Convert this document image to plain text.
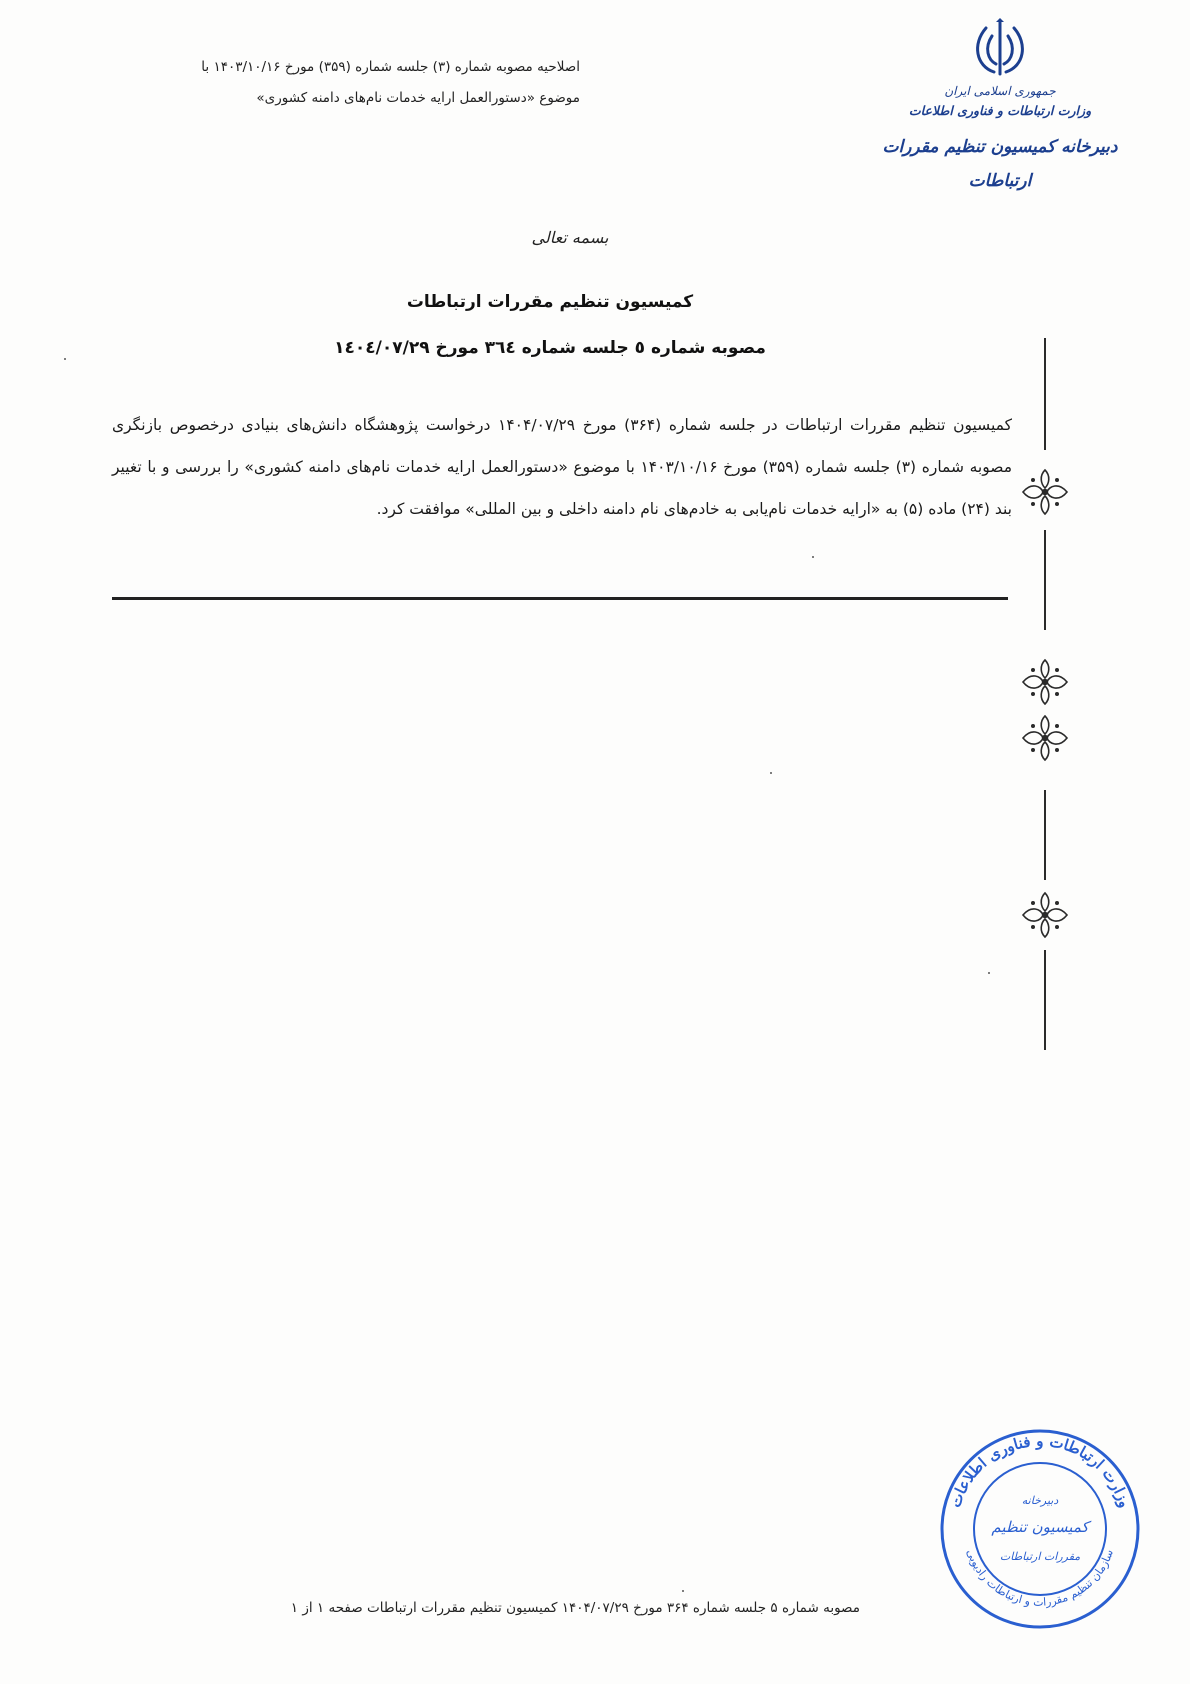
اصلاحیه مصوبه شماره (۳) جلسه شماره (۳۵۹) مورخ ۱۴۰۳/۱۰/۱۶ با
موضوع «دستورالعمل ارایه خدمات نام‌های دامنه کشوری»	جمهوری اسلامی ایران
وزارت ارتباطات و فناوری اطلاعات
دبیرخانه کمیسیون تنظیم مقررات ارتباطات
بسمه تعالی
کمیسیون تنظیم مقررات ارتباطات
مصوبه شماره ٥ جلسه شماره ٣٦٤ مورخ ١٤٠٤/٠٧/٢٩
کمیسیون تنظیم مقررات ارتباطات در جلسه شماره (۳۶۴) مورخ ۱۴۰۴/۰۷/۲۹ درخواست پژوهشگاه دانش‌های بنیادی درخصوص بازنگری مصوبه شماره (۳) جلسه شماره (۳۵۹) مورخ ۱۴۰۳/۱۰/۱۶ با موضوع «دستورالعمل ارایه خدمات نام‌های دامنه کشوری» را بررسی و با تغییر بند (۲۴) ماده (۵) به «ارایه خدمات نام‌یابی به خادم‌های نام دامنه داخلی و بین المللی» موافقت کرد.
وزارت ارتباطات و فناوری اطلاعات
سازمان تنظیم مقررات و ارتباطات رادیویی
دبیرخانه
کمیسیون تنظیم
مقررات ارتباطات
مصوبه شماره ۵ جلسه شماره ۳۶۴ مورخ ۱۴۰۴/۰۷/۲۹ کمیسیون تنظیم مقررات ارتباطات صفحه ۱ از ۱
